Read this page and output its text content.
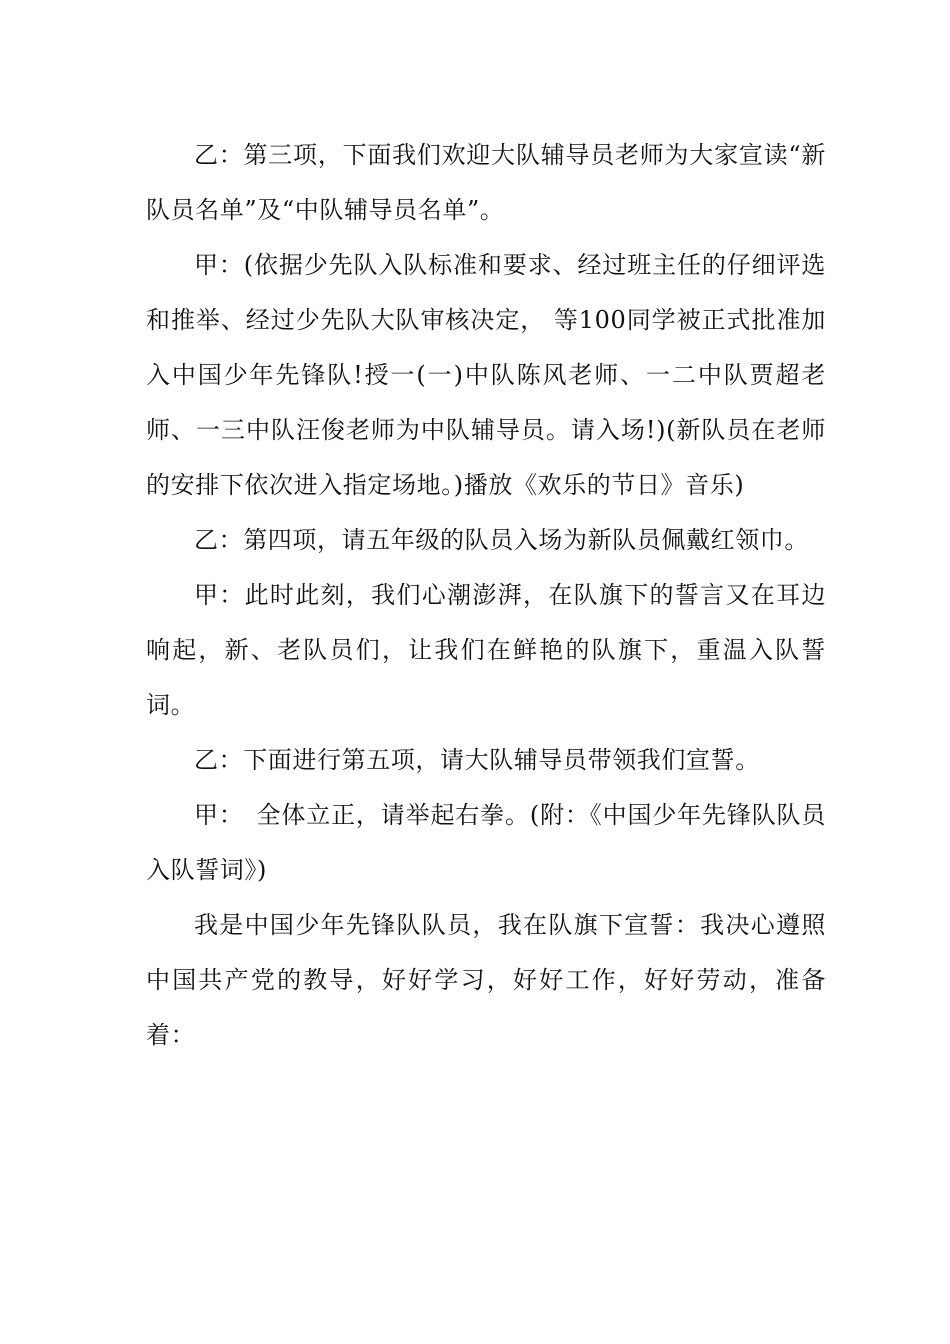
乙：第三项，下面我们欢迎大队辅导员老师为大家宣读“新队员名单”及“中队辅导员名单”。

甲：(依据少先队入队标准和要求、经过班主任的仔细评选和推举、经过少先队大队审核决定， 等100同学被正式批准加入中国少年先锋队!授一(一)中队陈风老师、一二中队贾超老师、一三中队汪俊老师为中队辅导员。请入场!)(新队员在老师的安排下依次进入指定场地。)播放《欢乐的节日》音乐)

乙：第四项，请五年级的队员入场为新队员佩戴红领巾。

甲：此时此刻，我们心潮澎湃，在队旗下的誓言又在耳边响起，新、老队员们，让我们在鲜艳的队旗下，重温入队誓词。

乙：下面进行第五项，请大队辅导员带领我们宣誓。

甲：　全体立正，请举起右拳。(附：《中国少年先锋队队员入队誓词》)

我是中国少年先锋队队员，我在队旗下宣誓：我决心遵照中国共产党的教导，好好学习，好好工作，好好劳动，准备着：
